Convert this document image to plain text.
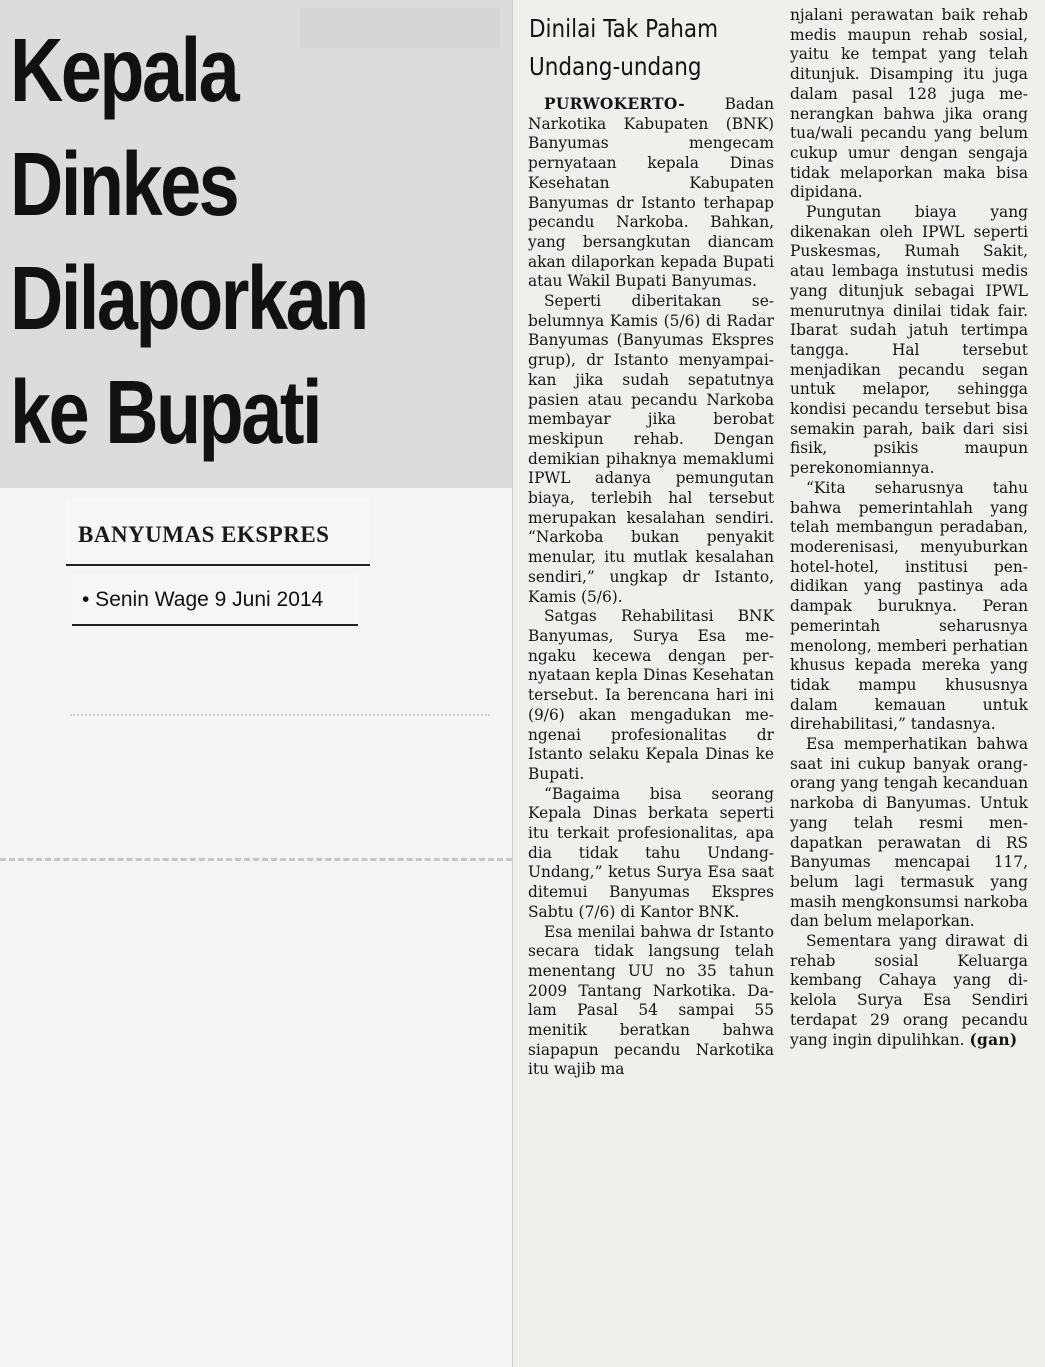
Kepala
Dinkes
Dilaporkan
ke Bupati
BANYUMAS EKSPRES
• Senin Wage 9 Juni 2014
Dinilai Tak Paham
Undang-undang

PURWOKERTO-	Badan Narkotika Kabupaten (BNK) Banyumas mengecam pernyataan kepala Dinas Kesehatan Kabupaten Banyumas dr Istanto terhapap pecandu Narkoba. Bahkan, yang bersangkutan diancam akan dilaporkan kepada Bupati atau Wakil Bupati Banyumas.

Seperti diberitakan sebelumnya Kamis (5/6) di Radar Banyumas (Banyumas Ekspres grup), dr Istanto menyampaikan jika sudah sepatutnya pasien atau pecandu Narkoba membayar jika berobat meskipun rehab. Dengan demikian pihaknya memaklumi IPWL adanya pemungutan biaya, terlebih hal tersebut merupakan kesalahan sendiri. “Narkoba bukan penyakit menular, itu mutlak kesalahan sendiri,” ungkap dr Istanto, Kamis (5/6).

Satgas Rehabilitasi BNK Banyumas, Surya Esa mengaku kecewa dengan pernyataan kepla Dinas Kesehatan tersebut. Ia berencana hari ini (9/6) akan mengadukan mengenai profesionalitas dr Istanto selaku Kepala Dinas ke Bupati.

“Bagaima bisa seorang Kepala Dinas berkata seperti itu terkait profesionalitas, apa dia tidak tahu Undang-Undang,” ketus Surya Esa saat ditemui Banyumas Ekspres Sabtu (7/6) di Kantor BNK.

Esa menilai bahwa dr Istanto secara tidak langsung telah menentang UU no 35 tahun 2009 Tantang Narkotika. Dalam Pasal 54 sampai 55 menitik beratkan bahwa siapapun pecandu Narkotika itu wajib ma

njalani perawatan baik rehab medis maupun rehab sosial, yaitu ke tempat yang telah ditunjuk. Disamping itu juga dalam pasal 128 juga menerangkan bahwa jika orang tua/wali pecandu yang belum cukup umur dengan sengaja tidak melaporkan maka bisa dipidana.

Pungutan biaya yang dikenakan oleh IPWL seperti Puskesmas, Rumah Sakit, atau lembaga instutusi medis yang ditunjuk sebagai IPWL menurutnya dinilai tidak fair. Ibarat sudah jatuh tertimpa tangga. Hal tersebut menjadikan pecandu segan untuk melapor, sehingga kondisi pecandu tersebut bisa semakin parah, baik dari sisi fisik, psikis maupun perekonomiannya.

“Kita seharusnya tahu bahwa pemerintahlah yang telah membangun peradaban, moderenisasi, menyuburkan hotel-hotel, institusi pendidikan yang pastinya ada dampak buruknya. Peran pemerintah seharusnya menolong, memberi perhatian khusus kepada mereka yang tidak mampu khususnya dalam kemauan untuk direhabilitasi,” tandasnya.

Esa memperhatikan bahwa saat ini cukup banyak orang-orang yang tengah kecanduan narkoba di Banyumas. Untuk yang telah resmi mendapatkan perawatan di RS Banyumas mencapai 117, belum lagi termasuk yang masih mengkonsumsi narkoba dan belum melaporkan.

Sementara yang dirawat di rehab sosial Keluarga kembang Cahaya yang dikelola Surya Esa Sendiri terdapat 29 orang pecandu yang ingin dipulihkan. (gan)
